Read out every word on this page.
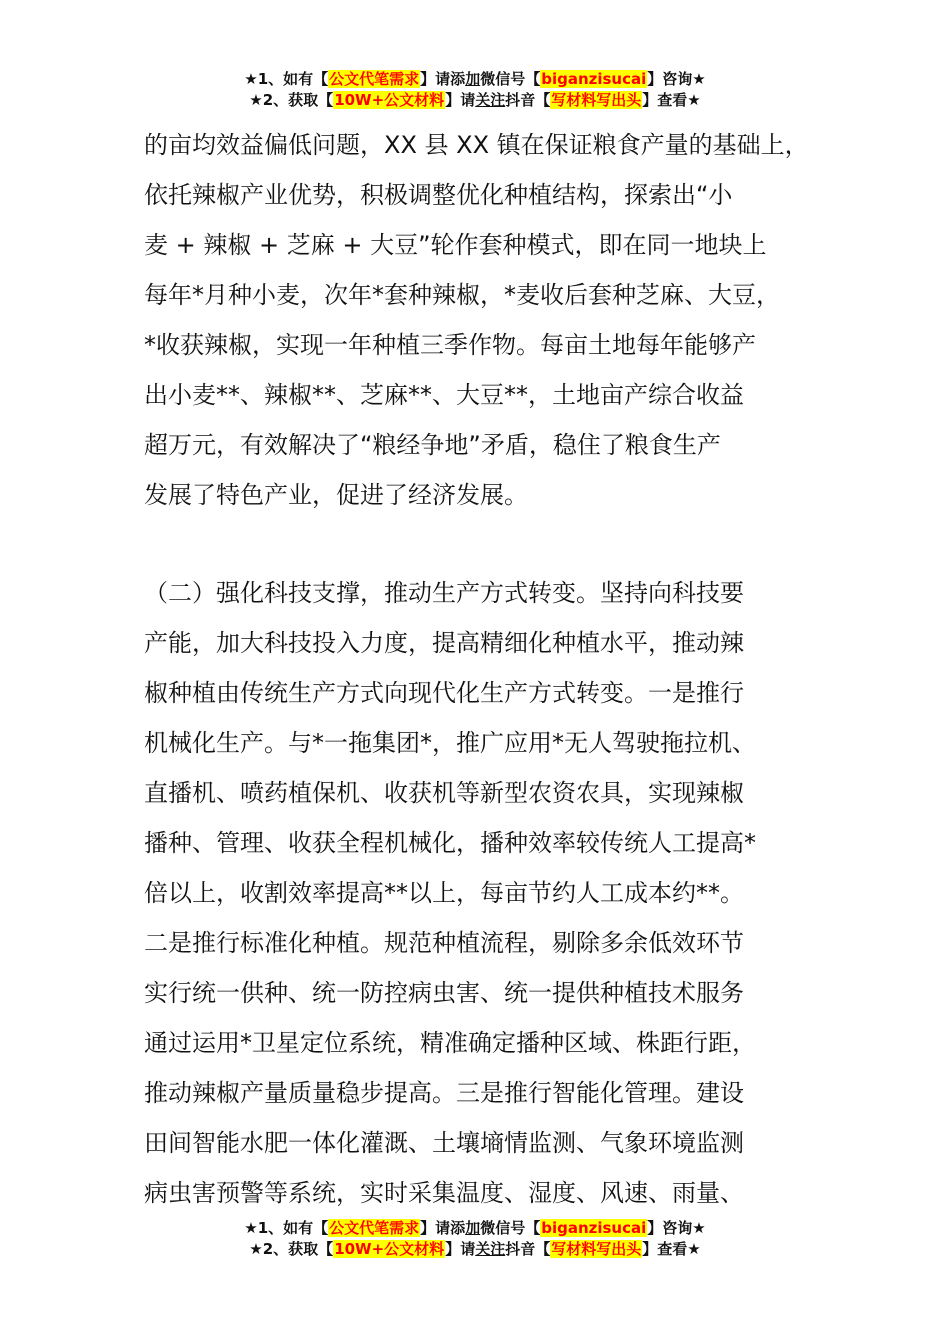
★1、如有【公文代笔需求】请添加微信号【biganzisucai】咨询★
★2、获取【10W+公文材料】请关注抖音【写材料写出头】查看★

的亩均效益偏低问题，XX 县 XX 镇在保证粮食产量的基础上，

依托辣椒产业优势，积极调整优化种植结构，探索出“小

麦 + 辣椒 + 芝麻 + 大豆”轮作套种模式，即在同一地块上

每年*月种小麦，次年*套种辣椒，*麦收后套种芝麻、大豆，

*收获辣椒，实现一年种植三季作物。每亩土地每年能够产

出小麦**、辣椒**、芝麻**、大豆**，土地亩产综合收益

超万元，有效解决了“粮经争地”矛盾，稳住了粮食生产

发展了特色产业，促进了经济发展。

（二）强化科技支撑，推动生产方式转变。坚持向科技要

产能，加大科技投入力度，提高精细化种植水平，推动辣

椒种植由传统生产方式向现代化生产方式转变。一是推行

机械化生产。与*一拖集团*，推广应用*无人驾驶拖拉机、

直播机、喷药植保机、收获机等新型农资农具，实现辣椒

播种、管理、收获全程机械化，播种效率较传统人工提高*

倍以上，收割效率提高**以上，每亩节约人工成本约**。

二是推行标准化种植。规范种植流程，剔除多余低效环节

实行统一供种、统一防控病虫害、统一提供种植技术服务

通过运用*卫星定位系统，精准确定播种区域、株距行距，

推动辣椒产量质量稳步提高。三是推行智能化管理。建设

田间智能水肥一体化灌溉、土壤墒情监测、气象环境监测

病虫害预警等系统，实时采集温度、湿度、风速、雨量、

★1、如有【公文代笔需求】请添加微信号【biganzisucai】咨询★
★2、获取【10W+公文材料】请关注抖音【写材料写出头】查看★
